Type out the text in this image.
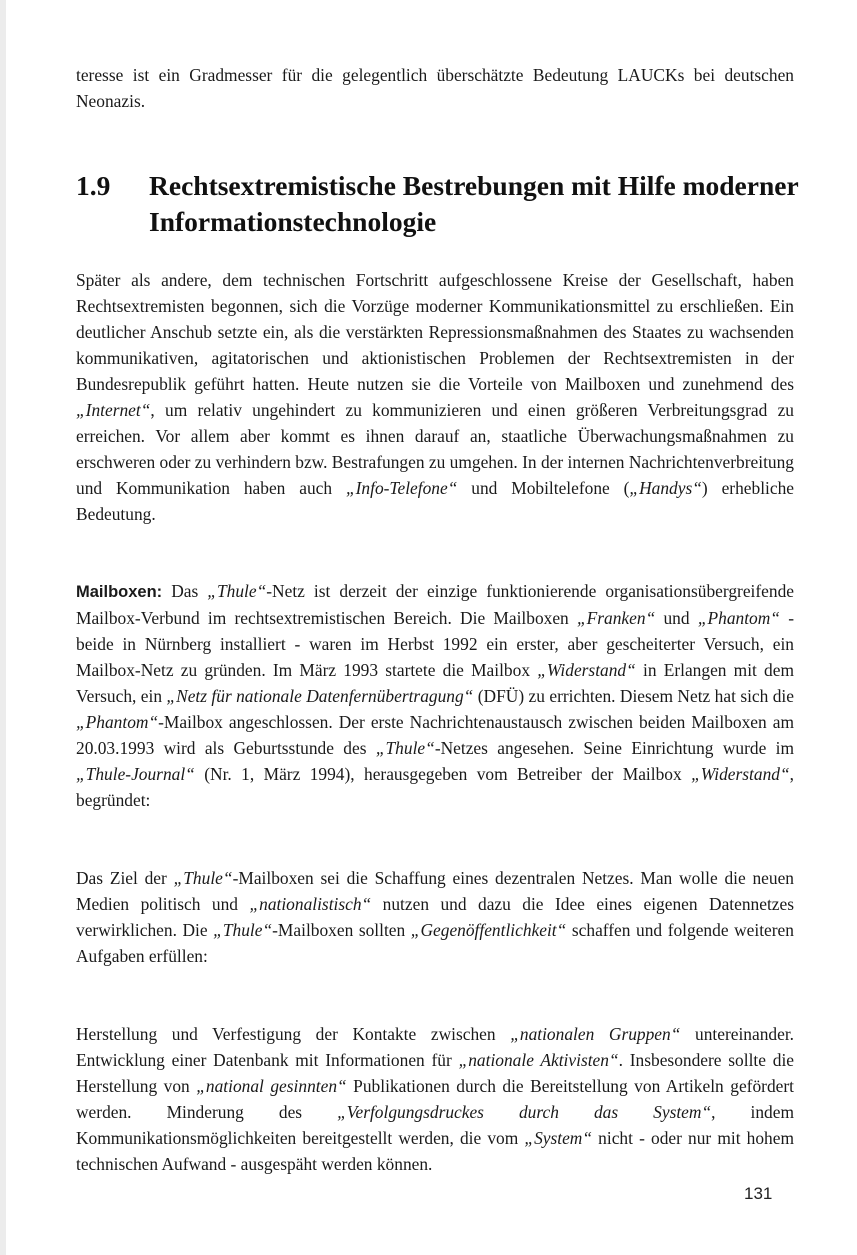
teresse ist ein Gradmesser für die gelegentlich überschätzte Bedeutung LAUCKs bei deutschen Neonazis.

1.9 Rechtsextremistische Bestrebungen mit Hilfe moderner Informationstechnologie

Später als andere, dem technischen Fortschritt aufgeschlossene Kreise der Gesellschaft, haben Rechtsextremisten begonnen, sich die Vorzüge moderner Kommunikationsmittel zu erschließen. Ein deutlicher Anschub setzte ein, als die verstärkten Repressionsmaßnahmen des Staates zu wachsenden kommunikativen, agitatorischen und aktionistischen Problemen der Rechtsextremisten in der Bundesrepublik geführt hatten. Heute nutzen sie die Vorteile von Mailboxen und zunehmend des „Internet“, um relativ ungehindert zu kommunizieren und einen größeren Verbreitungsgrad zu erreichen. Vor allem aber kommt es ihnen darauf an, staatliche Überwachungsmaßnahmen zu erschweren oder zu verhindern bzw. Bestrafungen zu umgehen. In der internen Nachrichtenverbreitung und Kommunikation haben auch „Info-Telefone“ und Mobiltelefone („Handys“) erhebliche Bedeutung.

Mailboxen: Das „Thule“-Netz ist derzeit der einzige funktionierende organisationsübergreifende Mailbox-Verbund im rechtsextremistischen Bereich. Die Mailboxen „Franken“ und „Phantom“ - beide in Nürnberg installiert - waren im Herbst 1992 ein erster, aber gescheiterter Versuch, ein Mailbox-Netz zu gründen. Im März 1993 startete die Mailbox „Widerstand“ in Erlangen mit dem Versuch, ein „Netz für nationale Datenfernübertragung“ (DFÜ) zu errichten. Diesem Netz hat sich die „Phantom“-Mailbox angeschlossen. Der erste Nachrichtenaustausch zwischen beiden Mailboxen am 20.03.1993 wird als Geburtsstunde des „Thule“-Netzes angesehen. Seine Einrichtung wurde im „Thule-Journal“ (Nr. 1, März 1994), herausgegeben vom Betreiber der Mailbox „Widerstand“, begründet:

Das Ziel der „Thule“-Mailboxen sei die Schaffung eines dezentralen Netzes. Man wolle die neuen Medien politisch und „nationalistisch“ nutzen und dazu die Idee eines eigenen Datennetzes verwirklichen. Die „Thule“-Mailboxen sollten „Gegenöffentlichkeit“ schaffen und folgende weiteren Aufgaben erfüllen:

Herstellung und Verfestigung der Kontakte zwischen „nationalen Gruppen“ untereinander. Entwicklung einer Datenbank mit Informationen für „nationale Aktivisten“. Insbesondere sollte die Herstellung von „national gesinnten“ Publikationen durch die Bereitstellung von Artikeln gefördert werden. Minderung des „Verfolgungsdruckes durch das System“, indem Kommunikationsmöglichkeiten bereitgestellt werden, die vom „System“ nicht - oder nur mit hohem technischen Aufwand - ausgespäht werden können.

131
